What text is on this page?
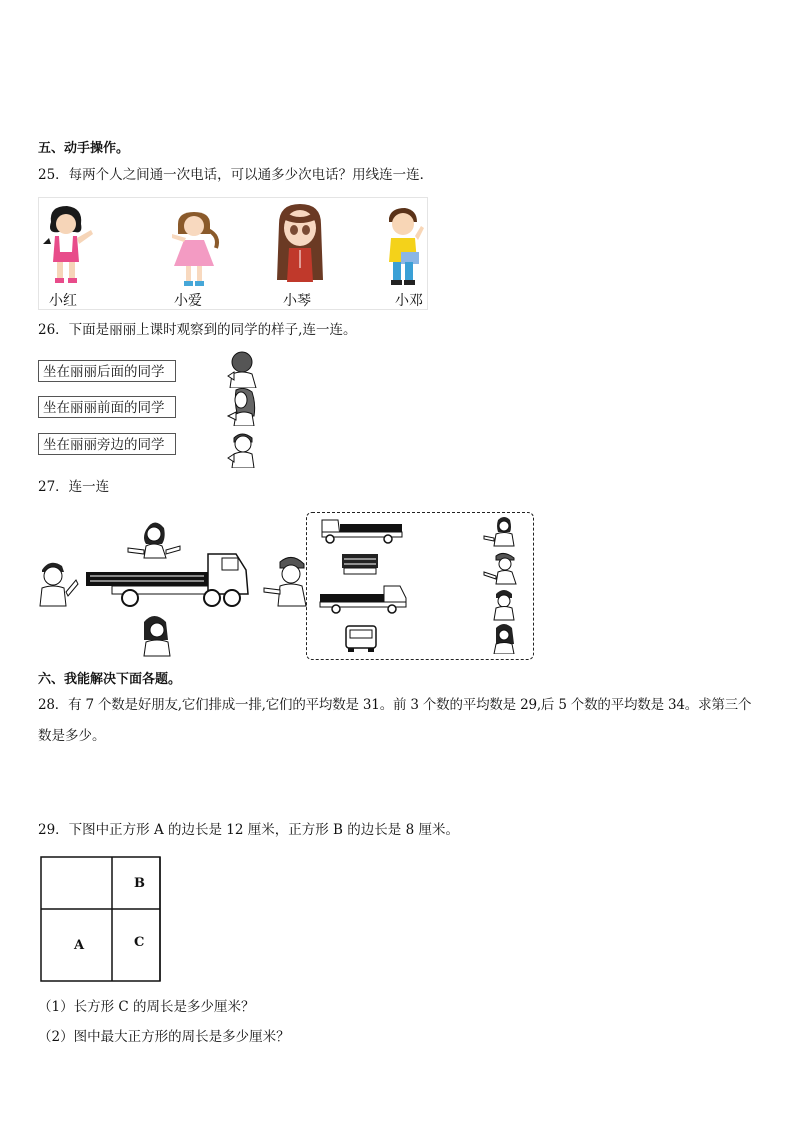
五、动手操作。
25．每两个人之间通一次电话，可以通多少次电话？用线连一连．
小红	小爱	小琴	小邓
26．下面是丽丽上课时观察到的同学的样子,连一连。
坐在丽丽后面的同学
坐在丽丽前面的同学
坐在丽丽旁边的同学
27．连一连
六、我能解决下面各题。
28．有 7 个数是好朋友,它们排成一排,它们的平均数是 31。前 3 个数的平均数是 29,后 5 个数的平均数是 34。求第三个
数是多少。
29．下图中正方形 A 的边长是 12 厘米，正方形 B 的边长是 8 厘米。
B
A	C
（1）长方形 C 的周长是多少厘米？
（2）图中最大正方形的周长是多少厘米？
